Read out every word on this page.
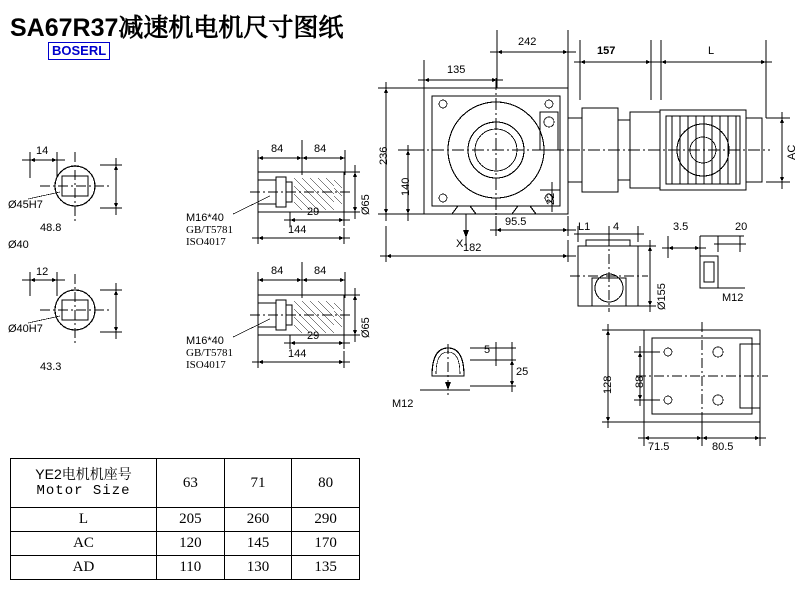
SA67R37减速机电机尺寸图纸
BOSERL
14
Ø45H7
48.8
Ø40
12
Ø40H7
43.3
84	84
29
144
Ø65
M16*40
GB/T5781
ISO4017
84	84
29
144
Ø65
M16*40
GB/T5781
ISO4017
242
135
157	L
AC
236
140
22
X
95.5
182
L1 4	3.5	20
Ø155	M12
5
25
M12
128 88
71.5	80.5
YE2电机机座号
Motor Size	63	71	80
L	205	260	290
AC	120	145	170
AD	110	130	135
